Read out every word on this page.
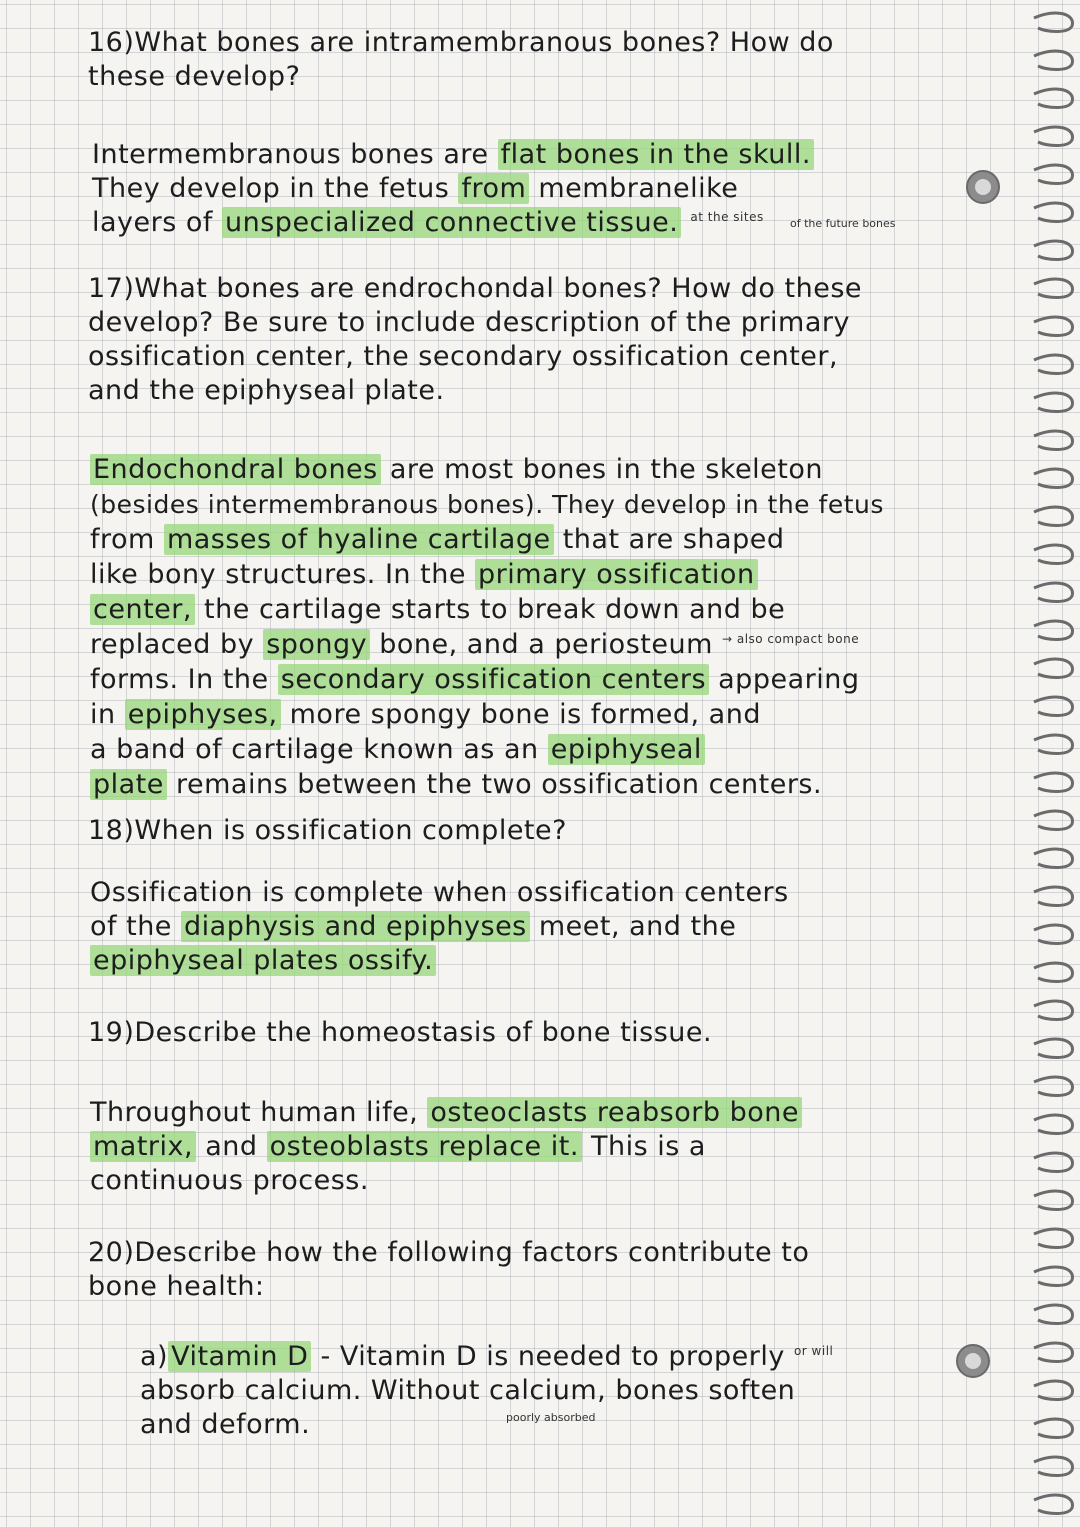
16)What bones are intramembranous bones? How do
these develop?

Intermembranous bones are flat bones in the skull.
They develop in the fetus from membranelike
layers of unspecialized connective tissue. $^{at the sites}$	of the future bones

17)What bones are endrochondal bones? How do these
develop? Be sure to include description of the primary
ossification center, the secondary ossification center,
and the epiphyseal plate.

Endochondral bones are most bones in the skeleton
(besides intermembranous bones). They develop in the fetus
from masses of hyaline cartilage that are shaped
like bony structures. In the primary ossification
center, the cartilage starts to break down and be
replaced by spongy bone, and a periosteum $^{\to also compact bone}$
forms. In the secondary ossification centers appearing
in epiphyses, more spongy bone is formed, and
a band of cartilage known as an epiphyseal
plate remains between the two ossification centers.

18)When is ossification complete?

Ossification is complete when ossification centers
of the diaphysis and epiphyses meet, and the
epiphyseal plates ossify.

19)Describe the homeostasis of bone tissue.

Throughout human life, osteoclasts reabsorb bone
matrix, and osteoblasts replace it. This is a
continuous process.

20)Describe how the following factors contribute to
bone health:

a) Vitamin D - Vitamin D is needed to properly $^{or will}$
absorb calcium. Without calcium, bones soften
and deform.	poorly absorbed
